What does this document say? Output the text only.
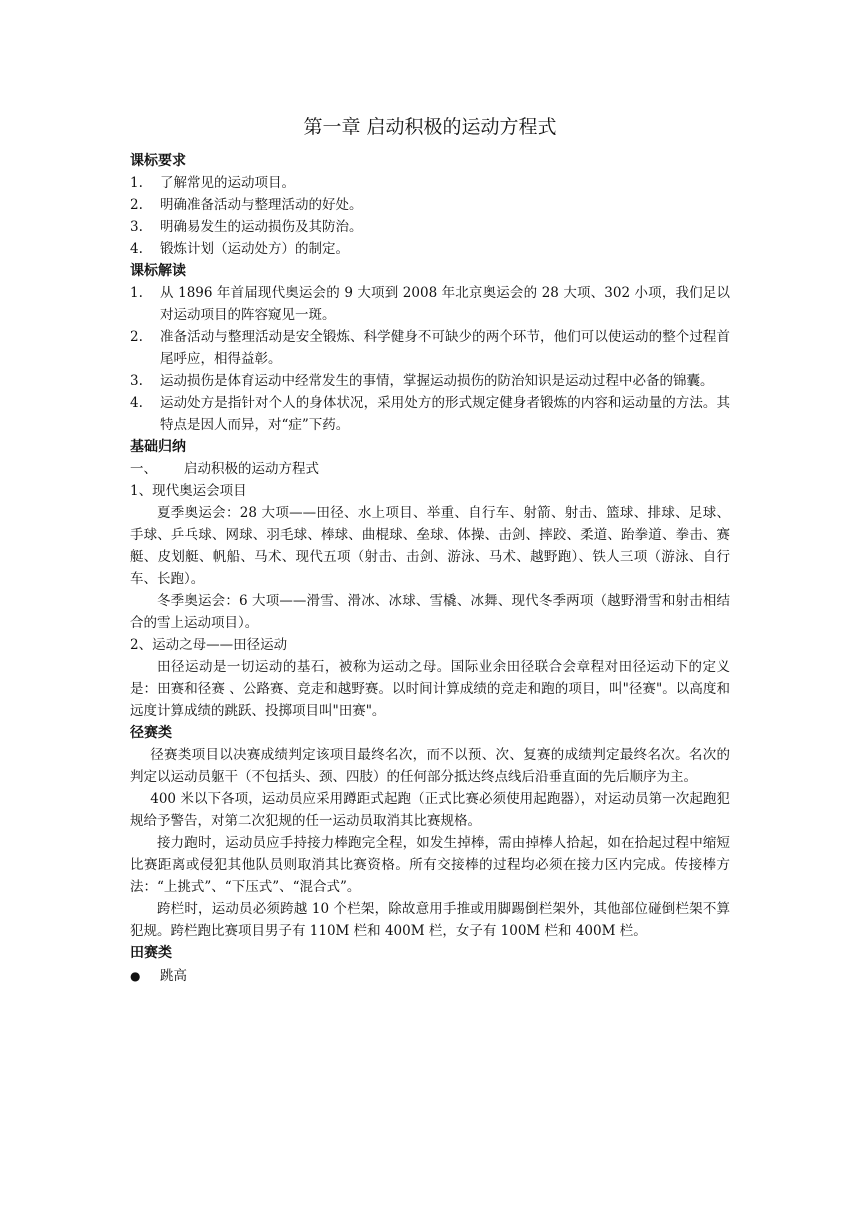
第一章 启动积极的运动方程式
课标要求
1.	了解常见的运动项目。
2.	明确准备活动与整理活动的好处。
3.	明确易发生的运动损伤及其防治。
4.	锻炼计划（运动处方）的制定。
课标解读
1.	从 1896 年首届现代奥运会的 9 大项到 2008 年北京奥运会的 28 大项、302 小项，我们足以对运动项目的阵容窥见一斑。
2.	准备活动与整理活动是安全锻炼、科学健身不可缺少的两个环节，他们可以使运动的整个过程首尾呼应，相得益彰。
3.	运动损伤是体育运动中经常发生的事情，掌握运动损伤的防治知识是运动过程中必备的锦囊。
4.	运动处方是指针对个人的身体状况，采用处方的形式规定健身者锻炼的内容和运动量的方法。其特点是因人而异，对“症”下药。
基础归纳
一、	启动积极的运动方程式
1、现代奥运会项目

夏季奥运会：28 大项——田径、水上项目、举重、自行车、射箭、射击、篮球、排球、足球、手球、乒乓球、网球、羽毛球、棒球、曲棍球、垒球、体操、击剑、摔跤、柔道、跆拳道、拳击、赛艇、皮划艇、帆船、马术、现代五项（射击、击剑、游泳、马术、越野跑）、铁人三项（游泳、自行车、长跑）。

冬季奥运会：6 大项——滑雪、滑冰、冰球、雪橇、冰舞、现代冬季两项（越野滑雪和射击相结合的雪上运动项目）。

2、运动之母——田径运动

田径运动是一切运动的基石，被称为运动之母。国际业余田径联合会章程对田径运动下的定义是：田赛和径赛 、公路赛、竞走和越野赛。以时间计算成绩的竞走和跑的项目，叫"径赛"。以高度和远度计算成绩的跳跃、投掷项目叫"田赛"。

径赛类

径赛类项目以决赛成绩判定该项目最终名次，而不以预、次、复赛的成绩判定最终名次。名次的判定以运动员躯干（不包括头、颈、四肢）的任何部分抵达终点线后沿垂直面的先后顺序为主。

400 米以下各项，运动员应采用蹲距式起跑（正式比赛必须使用起跑器），对运动员第一次起跑犯规给予警告，对第二次犯规的任一运动员取消其比赛规格。

接力跑时，运动员应手持接力棒跑完全程，如发生掉棒，需由掉棒人拾起，如在拾起过程中缩短比赛距离或侵犯其他队员则取消其比赛资格。所有交接棒的过程均必须在接力区内完成。传接棒方法：“上挑式”、“下压式”、“混合式”。

跨栏时，运动员必须跨越 10 个栏架，除故意用手推或用脚踢倒栏架外，其他部位碰倒栏架不算犯规。跨栏跑比赛项目男子有 110M 栏和 400M 栏，女子有 100M 栏和 400M 栏。

田赛类
●	跳高
